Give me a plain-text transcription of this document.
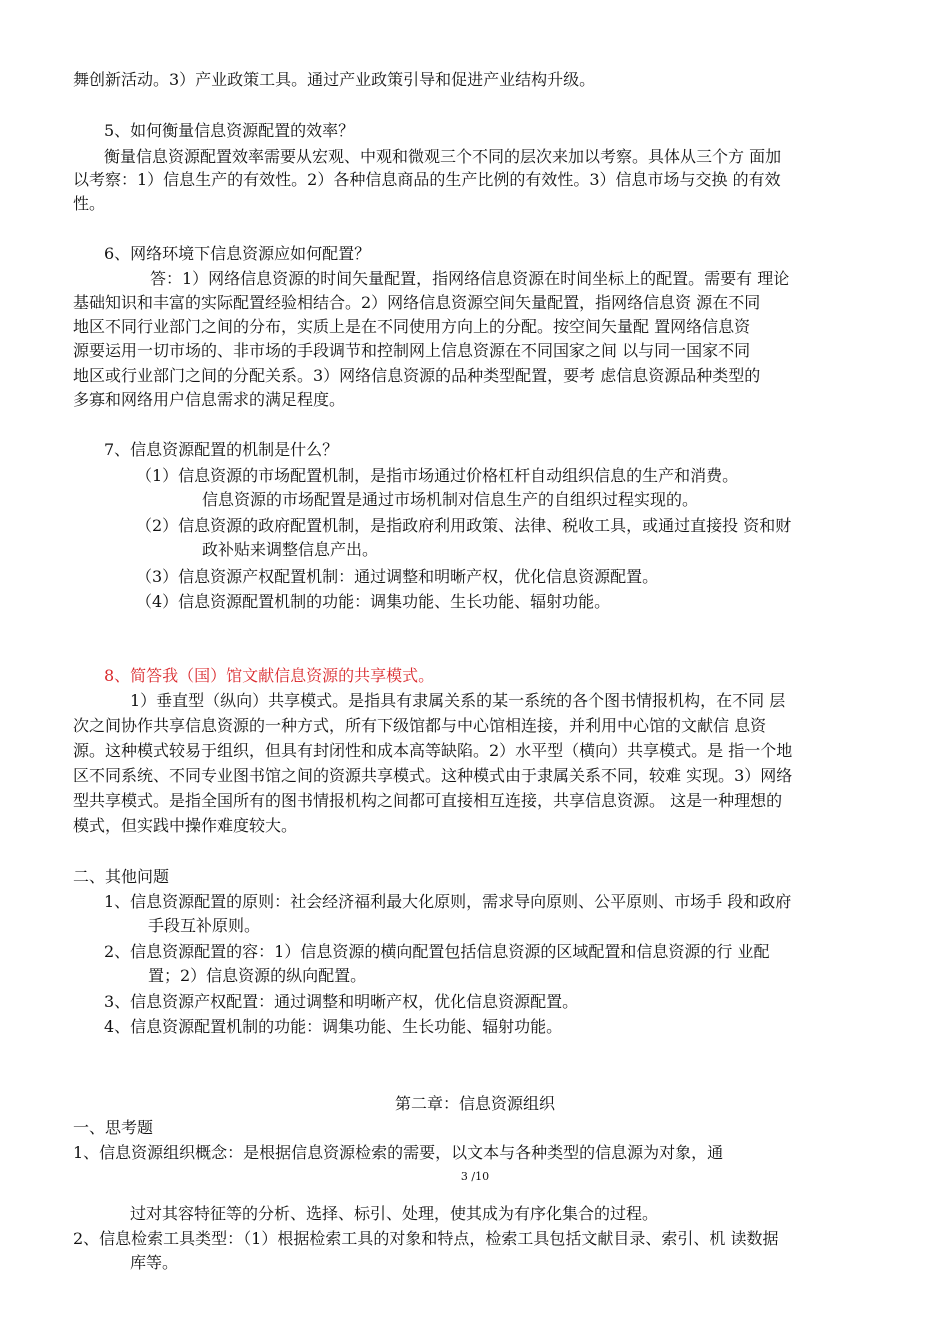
舞创新活动。3）产业政策工具。通过产业政策引导和促进产业结构升级。
5、如何衡量信息资源配置的效率？
衡量信息资源配置效率需要从宏观、中观和微观三个不同的层次来加以考察。具体从三个方 面加
以考察：1）信息生产的有效性。2）各种信息商品的生产比例的有效性。3）信息市场与交换 的有效
性。
6、网络环境下信息资源应如何配置？
答：1）网络信息资源的时间矢量配置，指网络信息资源在时间坐标上的配置。需要有 理论
基础知识和丰富的实际配置经验相结合。2）网络信息资源空间矢量配置，指网络信息资 源在不同
地区不同行业部门之间的分布，实质上是在不同使用方向上的分配。按空间矢量配 置网络信息资
源要运用一切市场的、非市场的手段调节和控制网上信息资源在不同国家之间 以与同一国家不同
地区或行业部门之间的分配关系。3）网络信息资源的品种类型配置，要考 虑信息资源品种类型的
多寡和网络用户信息需求的满足程度。
7、信息资源配置的机制是什么？
（1）信息资源的市场配置机制，是指市场通过价格杠杆自动组织信息的生产和消费。
信息资源的市场配置是通过市场机制对信息生产的自组织过程实现的。
（2）信息资源的政府配置机制，是指政府利用政策、法律、税收工具，或通过直接投 资和财
政补贴来调整信息产出。
（3）信息资源产权配置机制：通过调整和明晰产权，优化信息资源配置。
（4）信息资源配置机制的功能：调集功能、生长功能、辐射功能。
8、简答我（国）馆文献信息资源的共享模式。
1）垂直型（纵向）共享模式。是指具有隶属关系的某一系统的各个图书情报机构，在不同 层
次之间协作共享信息资源的一种方式，所有下级馆都与中心馆相连接，并利用中心馆的文献信 息资
源。这种模式较易于组织，但具有封闭性和成本高等缺陷。2）水平型（横向）共享模式。是 指一个地
区不同系统、不同专业图书馆之间的资源共享模式。这种模式由于隶属关系不同，较难 实现。3）网络
型共享模式。是指全国所有的图书情报机构之间都可直接相互连接，共享信息资源。 这是一种理想的
模式，但实践中操作难度较大。
二、其他问题
1、信息资源配置的原则：社会经济福利最大化原则，需求导向原则、公平原则、市场手 段和政府
手段互补原则。
2、信息资源配置的容：1）信息资源的横向配置包括信息资源的区域配置和信息资源的行 业配
置；2）信息资源的纵向配置。
3、信息资源产权配置：通过调整和明晰产权，优化信息资源配置。
4、信息资源配置机制的功能：调集功能、生长功能、辐射功能。
第二章：信息资源组织
一、思考题
1、信息资源组织概念：是根据信息资源检索的需要，以文本与各种类型的信息源为对象，通
3 /10
过对其容特征等的分析、选择、标引、处理，使其成为有序化集合的过程。
2、信息检索工具类型：（1）根据检索工具的对象和特点，检索工具包括文献目录、索引、机 读数据
库等。
